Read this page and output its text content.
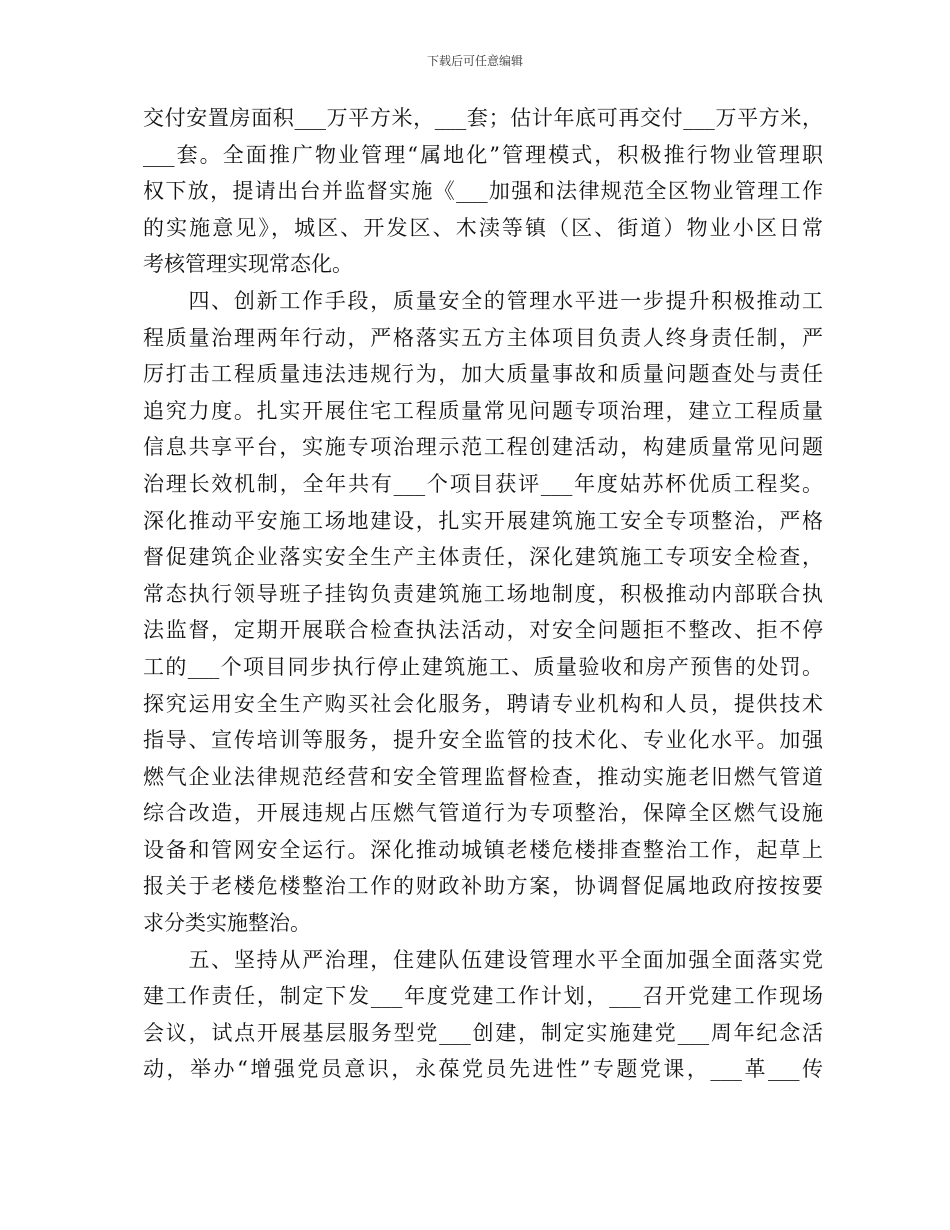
下载后可任意编辑
交付安置房面积___万平方米，___套；估计年底可再交付___万平方米，
___套。全面推广物业管理“属地化”管理模式，积极推行物业管理职
权下放，提请出台并监督实施《___加强和法律规范全区物业管理工作
的实施意见》，城区、开发区、木渎等镇（区、街道）物业小区日常
考核管理实现常态化。
　　四、创新工作手段，质量安全的管理水平进一步提升积极推动工
程质量治理两年行动，严格落实五方主体项目负责人终身责任制，严
厉打击工程质量违法违规行为，加大质量事故和质量问题查处与责任
追究力度。扎实开展住宅工程质量常见问题专项治理，建立工程质量
信息共享平台，实施专项治理示范工程创建活动，构建质量常见问题
治理长效机制，全年共有___个项目获评___年度姑苏杯优质工程奖。
深化推动平安施工场地建设，扎实开展建筑施工安全专项整治，严格
督促建筑企业落实安全生产主体责任，深化建筑施工专项安全检查，
常态执行领导班子挂钩负责建筑施工场地制度，积极推动内部联合执
法监督，定期开展联合检查执法活动，对安全问题拒不整改、拒不停
工的___个项目同步执行停止建筑施工、质量验收和房产预售的处罚。
探究运用安全生产购买社会化服务，聘请专业机构和人员，提供技术
指导、宣传培训等服务，提升安全监管的技术化、专业化水平。加强
燃气企业法律规范经营和安全管理监督检查，推动实施老旧燃气管道
综合改造，开展违规占压燃气管道行为专项整治，保障全区燃气设施
设备和管网安全运行。深化推动城镇老楼危楼排查整治工作，起草上
报关于老楼危楼整治工作的财政补助方案，协调督促属地政府按按要
求分类实施整治。
　　五、坚持从严治理，住建队伍建设管理水平全面加强全面落实党
建工作责任，制定下发___年度党建工作计划，___召开党建工作现场
会议，试点开展基层服务型党___创建，制定实施建党___周年纪念活
动，举办“增强党员意识，永葆党员先进性”专题党课，___革___传
